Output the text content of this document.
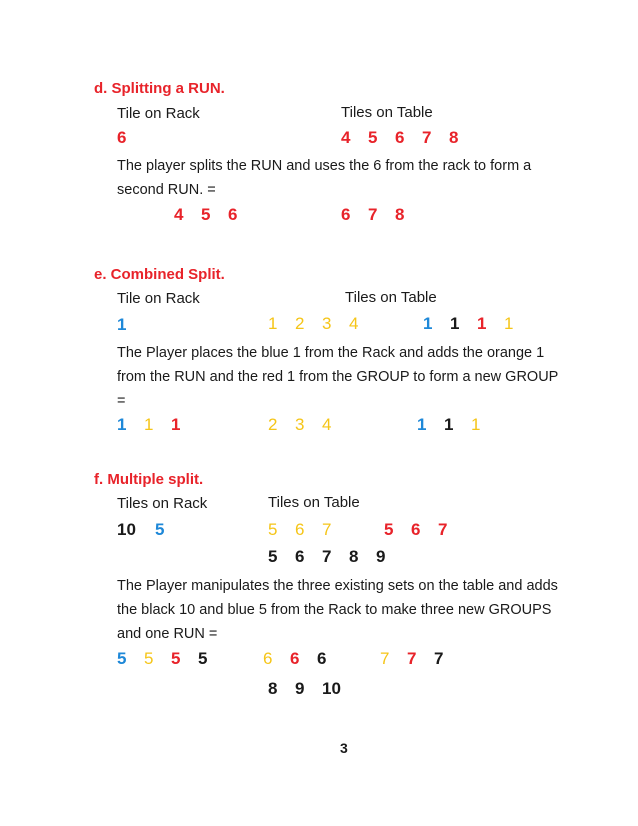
d. Splitting a RUN.
Tile on Rack	Tiles on Table
6	4 5 6 7 8
The player splits the RUN and uses the 6 from the rack to form a second RUN. =
4 5 6	6 7 8
e. Combined Split.
Tile on Rack	Tiles on Table
1	1 2 3 4	1 1 1 1
The Player places the blue 1 from the Rack and adds the orange 1 from the RUN and the red 1 from the GROUP to form a new GROUP =
1 1 1	2 3 4	1 1 1
f. Multiple split.
Tiles on Rack	Tiles on Table
10 5	5 6 7	5 6 7
5 6 7 8 9
The Player manipulates the three existing sets on the table and adds the black 10 and blue 5 from the Rack to make three new GROUPS and one RUN =
5 5 5 5	6 6 6	7 7 7
8 9 10
3
